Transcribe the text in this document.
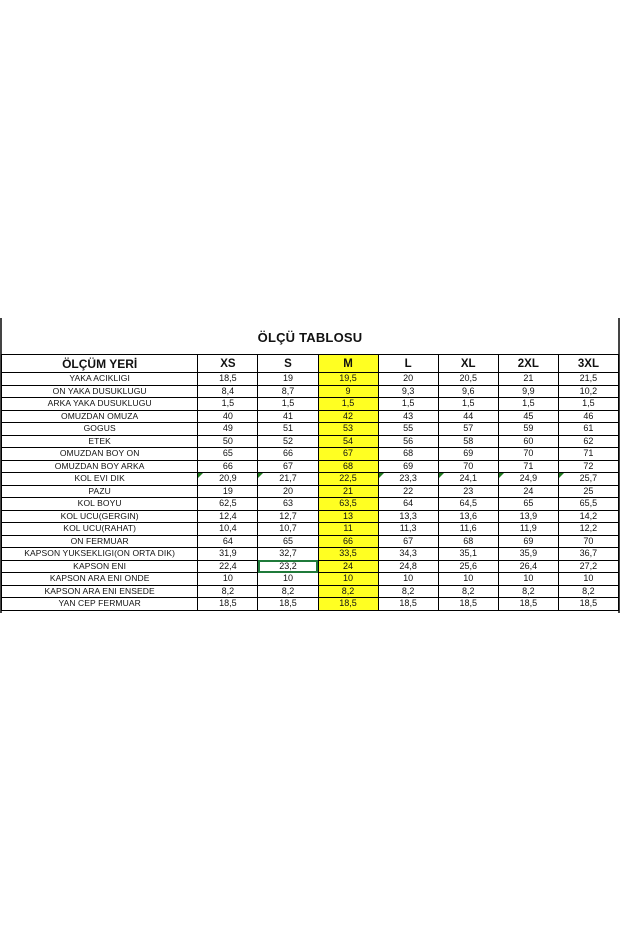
ÖLÇÜ TABLOSU
ÖLÇÜM YERİ	XS	S	M	L	XL	2XL	3XL
YAKA ACIKLIGI	18,5	19	19,5	20	20,5	21	21,5
ON YAKA DUSUKLUGU	8,4	8,7	9	9,3	9,6	9,9	10,2
ARKA YAKA DUSUKLUGU	1,5	1,5	1,5	1,5	1,5	1,5	1,5
OMUZDAN OMUZA	40	41	42	43	44	45	46
GOGUS	49	51	53	55	57	59	61
ETEK	50	52	54	56	58	60	62
OMUZDAN BOY ON	65	66	67	68	69	70	71
OMUZDAN BOY ARKA	66	67	68	69	70	71	72
KOL EVI DIK	20,9	21,7	22,5	23,3	24,1	24,9	25,7
PAZU	19	20	21	22	23	24	25
KOL BOYU	62,5	63	63,5	64	64,5	65	65,5
KOL UCU(GERGIN)	12,4	12,7	13	13,3	13,6	13,9	14,2
KOL UCU(RAHAT)	10,4	10,7	11	11,3	11,6	11,9	12,2
ON FERMUAR	64	65	66	67	68	69	70
KAPSON YUKSEKLIGI(ON ORTA DIK)	31,9	32,7	33,5	34,3	35,1	35,9	36,7
KAPSON ENI	22,4	23,2	24	24,8	25,6	26,4	27,2
KAPSON ARA ENI ONDE	10	10	10	10	10	10	10
KAPSON ARA ENI ENSEDE	8,2	8,2	8,2	8,2	8,2	8,2	8,2
YAN CEP FERMUAR	18,5	18,5	18,5	18,5	18,5	18,5	18,5
